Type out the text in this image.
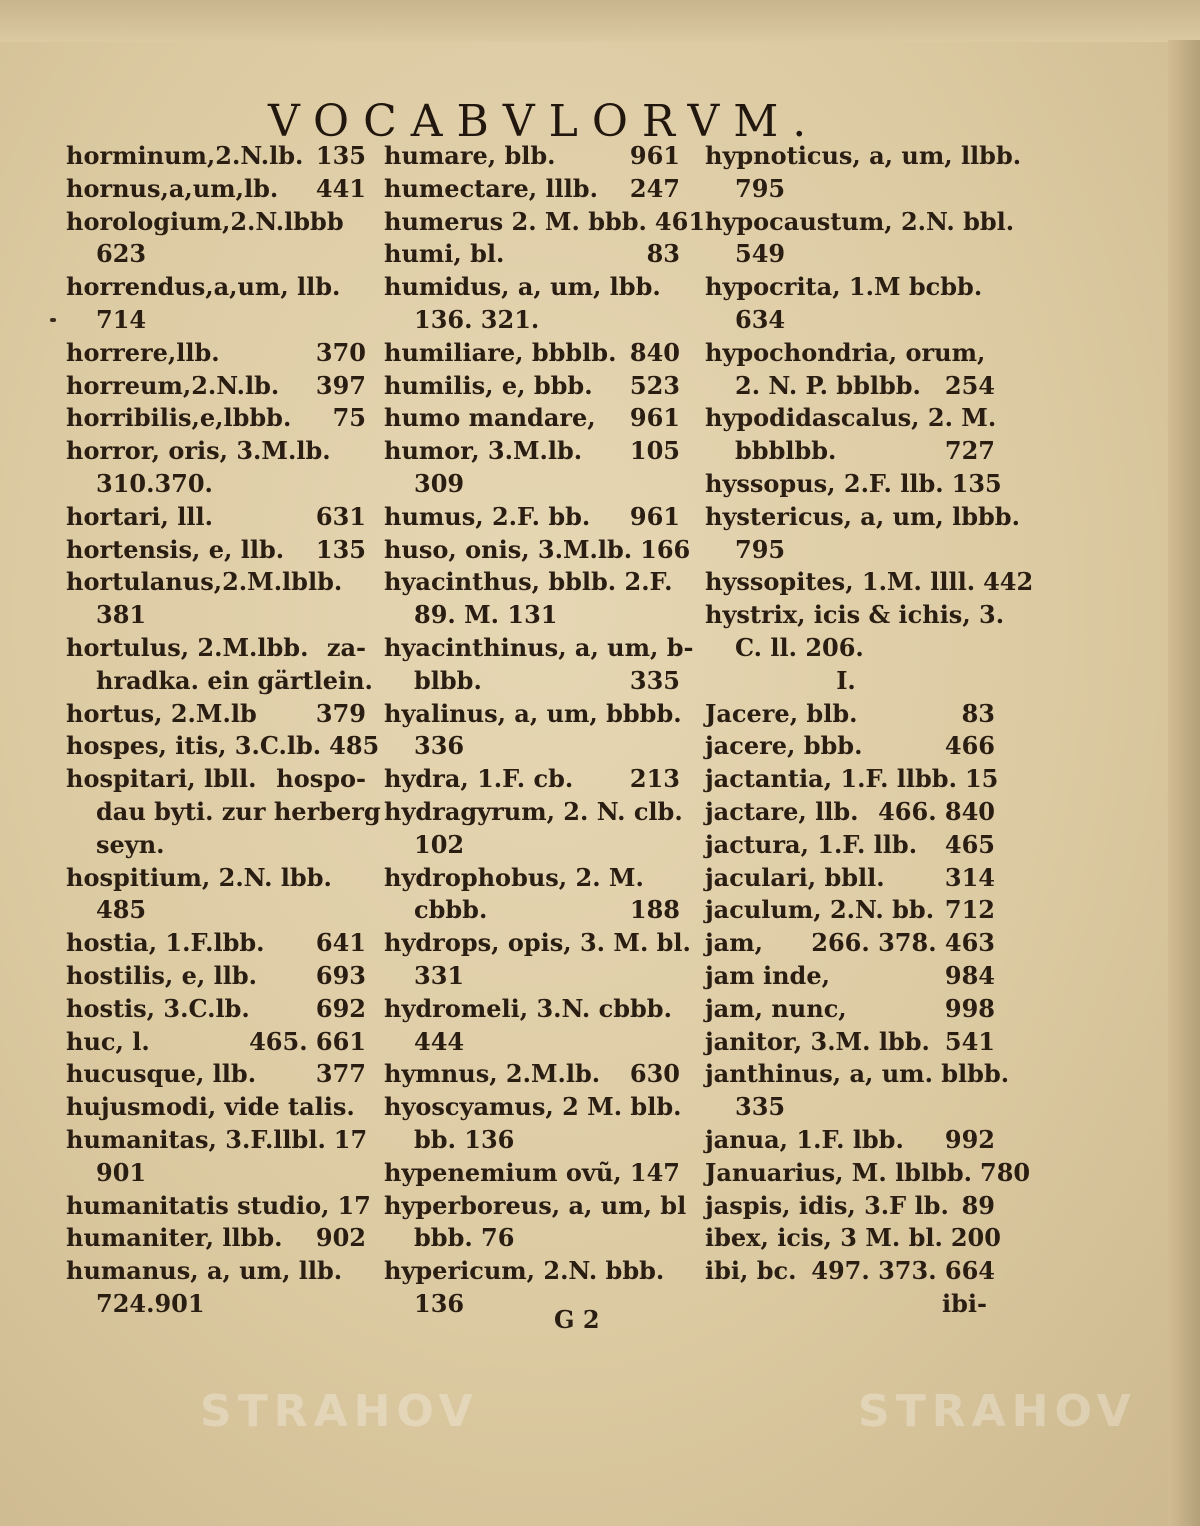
VOCABVLORVM.
horminum,2.N.lb. 135
hornus,a,um,lb. 441
horologium,2.N.lbbb
623
horrendus,a,um, llb.
714
horrere,llb.	370
horreum,2.N.lb. 397
horribilis,e,lbbb. 75
horror, oris, 3.M.lb.
310.370.
hortari, lll.	631
hortensis, e, llb. 135
hortulanus,2.M.lblb.
381
hortulus, 2.M.lbb. za-
hradka. ein gärtlein.
hortus, 2.M.lb 379
hospes, itis, 3.C.lb. 485
hospitari, lbll. hospo-
dau byti. zur herberg
seyn.
hospitium, 2.N. lbb.
485
hostia, 1.F.lbb. 641
hostilis, e, llb. 693
hostis, 3.C.lb.	692
huc, l.	465. 661
hucusque, llb. 377
hujusmodi, vide talis.
humanitas, 3.F.llbl. 17
901
humanitatis studio, 17
humaniter, llbb. 902
humanus, a, um, llb.
724.901
humare, blb.	961
humectare, lllb. 247
humerus 2. M. bbb. 461
humi, bl.	83
humidus, a, um, lbb.
136. 321.
humiliare, bbblb. 840
humilis, e, bbb. 523
humo mandare, 961
humor, 3.M.lb. 105
309
humus, 2.F. bb. 961
huso, onis, 3.M.lb. 166
hyacinthus, bblb. 2.F.
89. M. 131
hyacinthinus, a, um, b-
blbb.	335
hyalinus, a, um, bbbb.
336
hydra, 1.F. cb. 213
hydragyrum, 2. N. clb.
102
hydrophobus, 2. M.
cbbb.	188
hydrops, opis, 3. M. bl.
331
hydromeli, 3.N. cbbb.
444
hymnus, 2.M.lb. 630
hyoscyamus, 2 M. blb.
bb. 136
hypenemium ovũ, 147
hyperboreus, a, um, bl
bbb. 76
hypericum, 2.N. bbb.
136
hypnoticus, a, um, llbb.
795
hypocaustum, 2.N. bbl.
549
hypocrita, 1.M bcbb.
634
hypochondria, orum,
2. N. P. bblbb. 254
hypodidascalus, 2. M.
bbblbb.	727
hyssopus, 2.F. llb. 135
hystericus, a, um, lbbb.
795
hyssopites, 1.M. llll. 442
hystrix, icis & ichis, 3.
C. ll. 206.
I.
Jacere, blb.	83
jacere, bbb.	466
jactantia, 1.F. llbb. 15
jactare, llb. 466. 840
jactura, 1.F. llb. 465
jaculari, bbll.	314
jaculum, 2.N. bb. 712
jam, 266. 378. 463
jam inde,	984
jam, nunc,	998
janitor, 3.M. lbb. 541
janthinus, a, um. blbb.
335
janua, 1.F. lbb. 992
Januarius, M. lblbb. 780
jaspis, idis, 3.F lb. 89
ibex, icis, 3 M. bl. 200
ibi, bc. 497. 373. 664
ibi-
G 2
STRAHOV	STRAHOV
